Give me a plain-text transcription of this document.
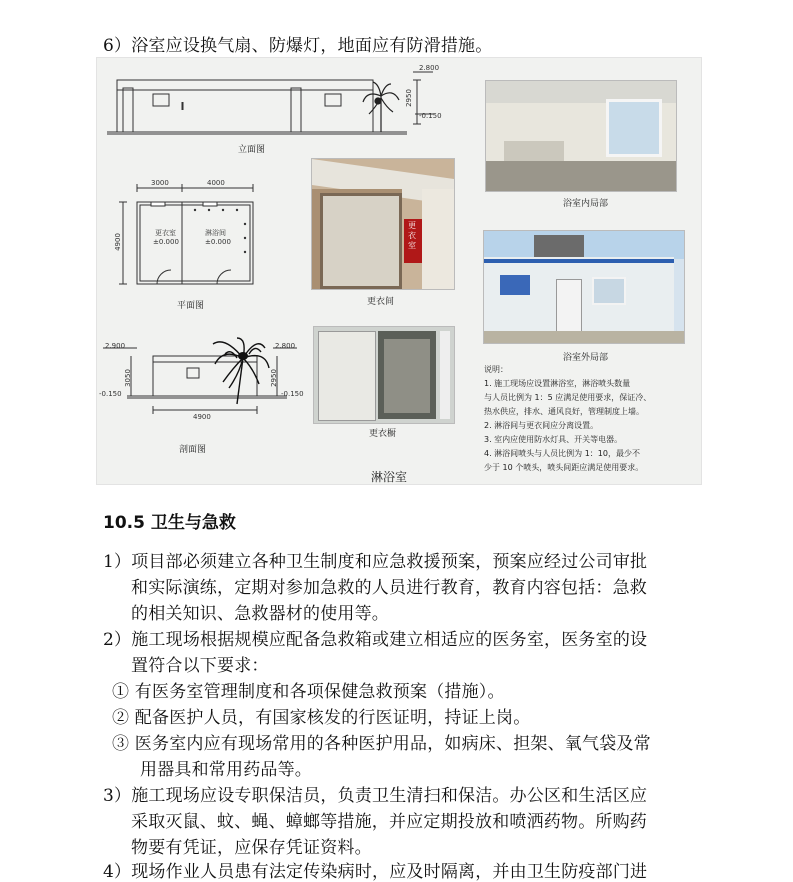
6）浴室应设换气扇、防爆灯，地面应有防滑措施。
2.800
2950
-0.150
立面图
3000	4000
4900
更衣室
±0.000
淋浴间
±0.000
平面图
2.900	2.800
3050	2950
-0.150	-0.150
4900
剖面图
更衣室
更衣间
更衣橱
浴室内局部
浴室外局部
淋浴室
说明：
1. 施工现场应设置淋浴室，淋浴喷头数量
与人员比例为 1：5 应满足使用要求，保证冷、
热水供应，排水、通风良好，管理制度上墙。
2. 淋浴间与更衣间应分离设置。
3. 室内应使用防水灯具、开关等电器。
4. 淋浴间喷头与人员比例为 1：10，最少不
少于 10 个喷头，喷头间距应满足使用要求。
10.5 卫生与急救
1）项目部必须建立各种卫生制度和应急救援预案，预案应经过公司审批
和实际演练，定期对参加急救的人员进行教育，教育内容包括：急救
的相关知识、急救器材的使用等。
2）施工现场根据规模应配备急救箱或建立相适应的医务室，医务室的设
置符合以下要求：
① 有医务室管理制度和各项保健急救预案（措施）。
② 配备医护人员，有国家核发的行医证明，持证上岗。
③ 医务室内应有现场常用的各种医护用品，如病床、担架、氧气袋及常
用器具和常用药品等。
3）施工现场应设专职保洁员，负责卫生清扫和保洁。办公区和生活区应
采取灭鼠、蚊、蝇、蟑螂等措施，并应定期投放和喷洒药物。所购药
物要有凭证，应保存凭证资料。
4）现场作业人员患有法定传染病时，应及时隔离，并由卫生防疫部门进
